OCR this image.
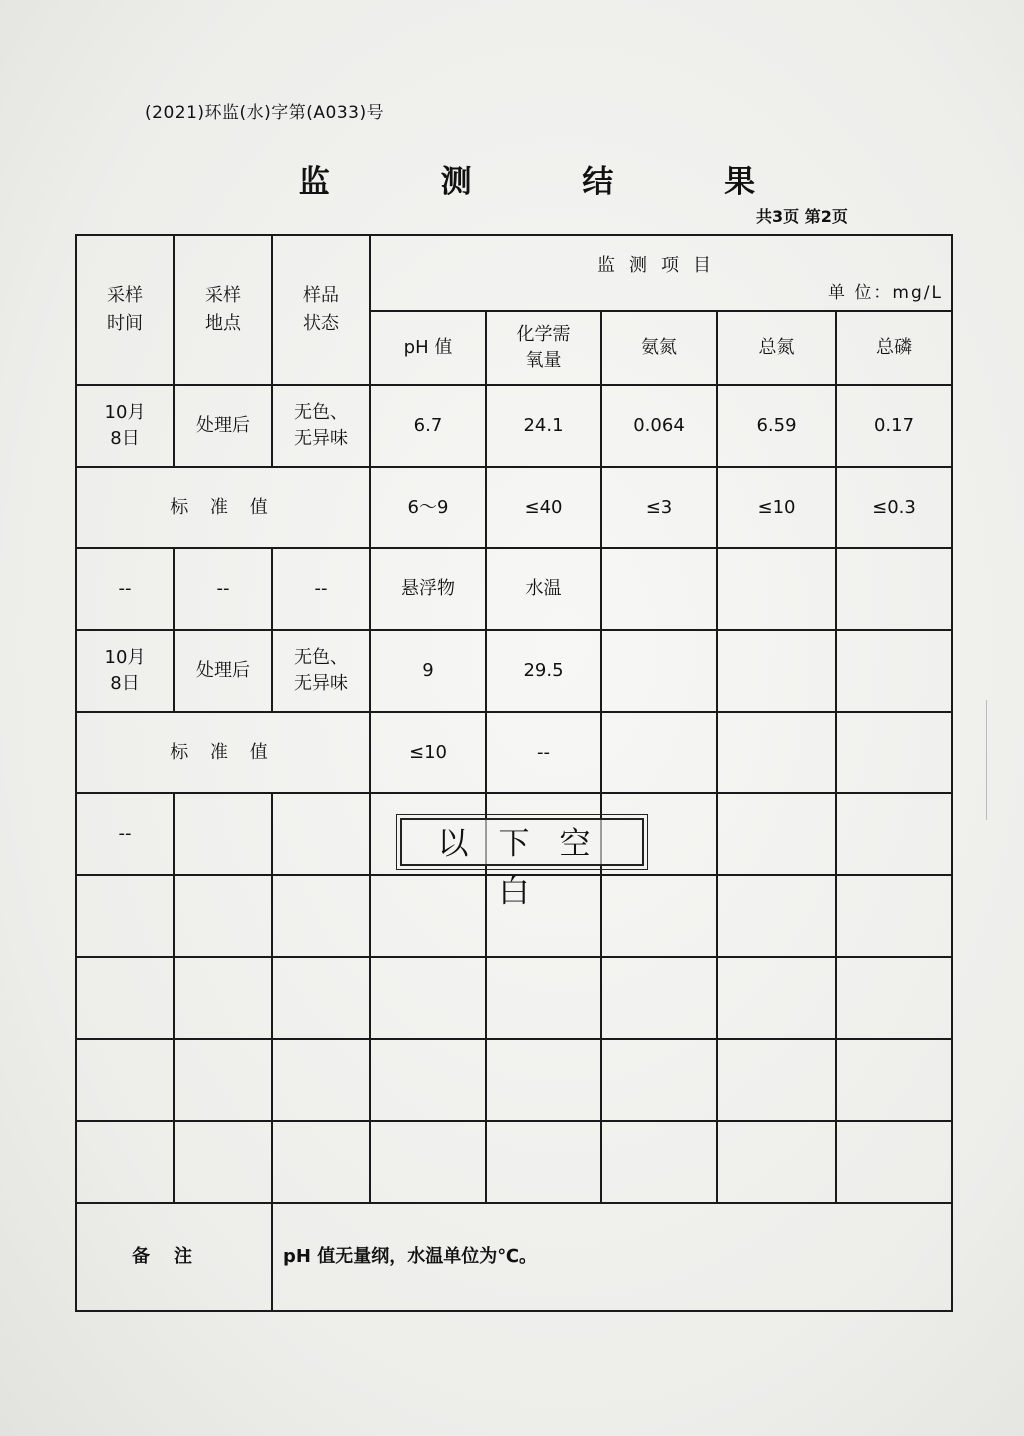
(2021)环监(水)字第(A033)号
监 测 结 果
共3页 第2页
采样时间	采样地点	样品状态	监测项目
单 位：mg/L				

			pH 值	化学需氧量	氨氮	总氮	总磷
10月8日	处理后	无色、无异味	6.7	24.1	0.064	6.59	0.17
标 准 值			6～9	≤40	≤3	≤10	≤0.3
--	--	--	悬浮物	水温			
10月8日	处理后	无色、无异味	9	29.5			
标 准 值			≤10	--			
--							

备注		pH 值无量纲，水温单位为℃。					
以下空白
